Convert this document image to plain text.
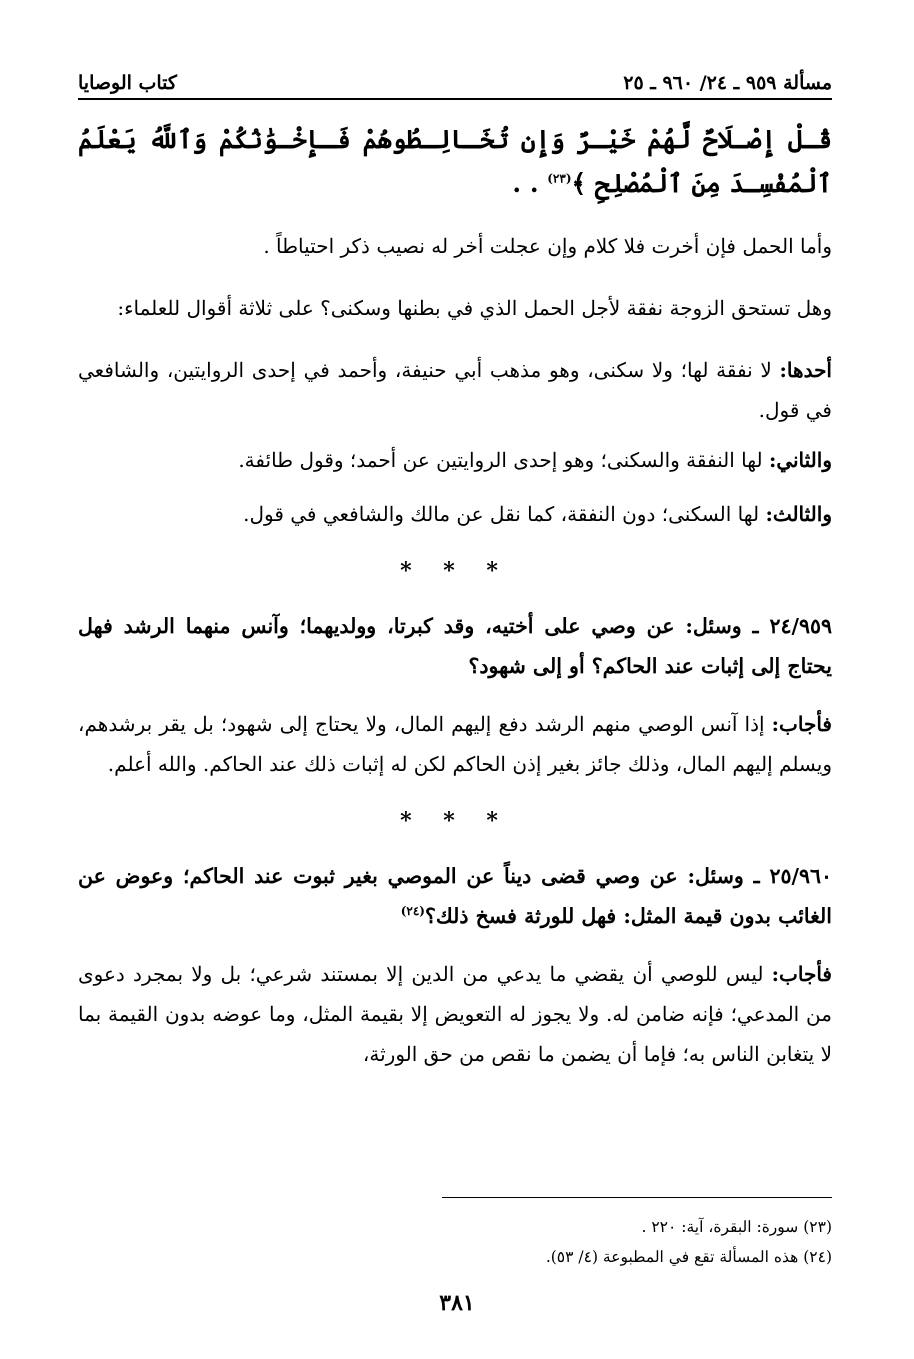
مسألة ٩٥٩ ـ ٢٤/ ٩٦٠ ـ ٢٥
كتاب الوصايا

قُـلْ إِصْـلَاحٌ لَّهُمْ خَيْـرٌ وَإِن تُخَـالِـطُوهُمْ فَـإِخْـوَٰنُكُمْ وَٱللَّهُ يَعْلَمُ ٱلْمُفْسِـدَ مِنَ ٱلْمُصْلِحِ ﴾$^{(٢٣)}$ . .

وأما الحمل فإن أخرت فلا كلام وإن عجلت أخر له نصيب ذكر احتياطاً .

وهل تستحق الزوجة نفقة لأجل الحمل الذي في بطنها وسكنى؟ على ثلاثة أقوال للعلماء:

أحدها: لا نفقة لها؛ ولا سكنى، وهو مذهب أبي حنيفة، وأحمد في إحدى الروايتين، والشافعي في قول.

والثاني: لها النفقة والسكنى؛ وهو إحدى الروايتين عن أحمد؛ وقول طائفة.

والثالث: لها السكنى؛ دون النفقة، كما نقل عن مالك والشافعي في قول.

* * *

٢٤/٩٥٩ ـ وسئل: عن وصي على أختيه، وقد كبرتا، وولديهما؛ وآنس منهما الرشد فهل يحتاج إلى إثبات عند الحاكم؟ أو إلى شهود؟

فأجاب: إذا آنس الوصي منهم الرشد دفع إليهم المال، ولا يحتاج إلى شهود؛ بل يقر برشدهم، ويسلم إليهم المال، وذلك جائز بغير إذن الحاكم لكن له إثبات ذلك عند الحاكم. والله أعلم.

* * *

٢٥/٩٦٠ ـ وسئل: عن وصي قضى ديناً عن الموصي بغير ثبوت عند الحاكم؛ وعوض عن الغائب بدون قيمة المثل: فهل للورثة فسخ ذلك؟$^{(٢٤)}$

فأجاب: ليس للوصي أن يقضي ما يدعي من الدين إلا بمستند شرعي؛ بل ولا بمجرد دعوى من المدعي؛ فإنه ضامن له. ولا يجوز له التعويض إلا بقيمة المثل، وما عوضه بدون القيمة بما لا يتغابن الناس به؛ فإما أن يضمن ما نقص من حق الورثة،

(٢٣) سورة: البقرة، آية: ٢٢٠ .
(٢٤) هذه المسألة تقع في المطبوعة (٤/ ٥٣).
٣٨١
